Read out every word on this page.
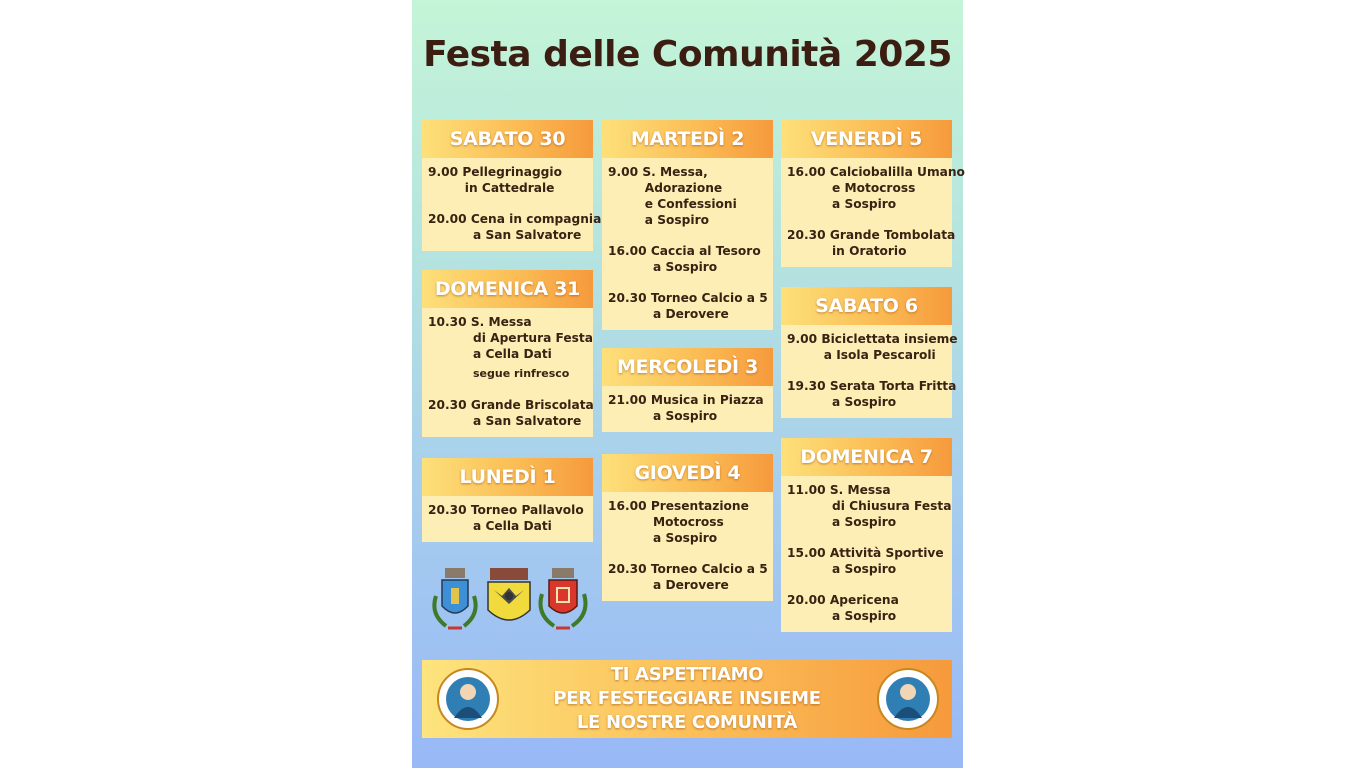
Festa delle Comunità 2025
SABATO 30
9.00 Pellegrinaggio
in Cattedrale
20.00 Cena in compagnia
a San Salvatore
DOMENICA 31
10.30 S. Messa
di Apertura Festa
a Cella Dati
segue rinfresco
20.30 Grande Briscolata
a San Salvatore
LUNEDÌ 1
20.30 Torneo Pallavolo
a Cella Dati
MARTEDÌ 2
9.00 S. Messa,
Adorazione
e Confessioni
a Sospiro
16.00 Caccia al Tesoro
a Sospiro
20.30 Torneo Calcio a 5
a Derovere
MERCOLEDÌ 3
21.00 Musica in Piazza
a Sospiro
GIOVEDÌ 4
16.00 Presentazione
Motocross
a Sospiro
20.30 Torneo Calcio a 5
a Derovere
VENERDÌ 5
16.00 Calciobalilla Umano
e Motocross
a Sospiro
20.30 Grande Tombolata
in Oratorio
SABATO 6
9.00 Biciclettata insieme
a Isola Pescaroli
19.30 Serata Torta Fritta
a Sospiro
DOMENICA 7
11.00 S. Messa
di Chiusura Festa
a Sospiro
15.00 Attività Sportive
a Sospiro
20.00 Apericena
a Sospiro
TI ASPETTIAMO
PER FESTEGGIARE INSIEME
LE NOSTRE COMUNITÀ
